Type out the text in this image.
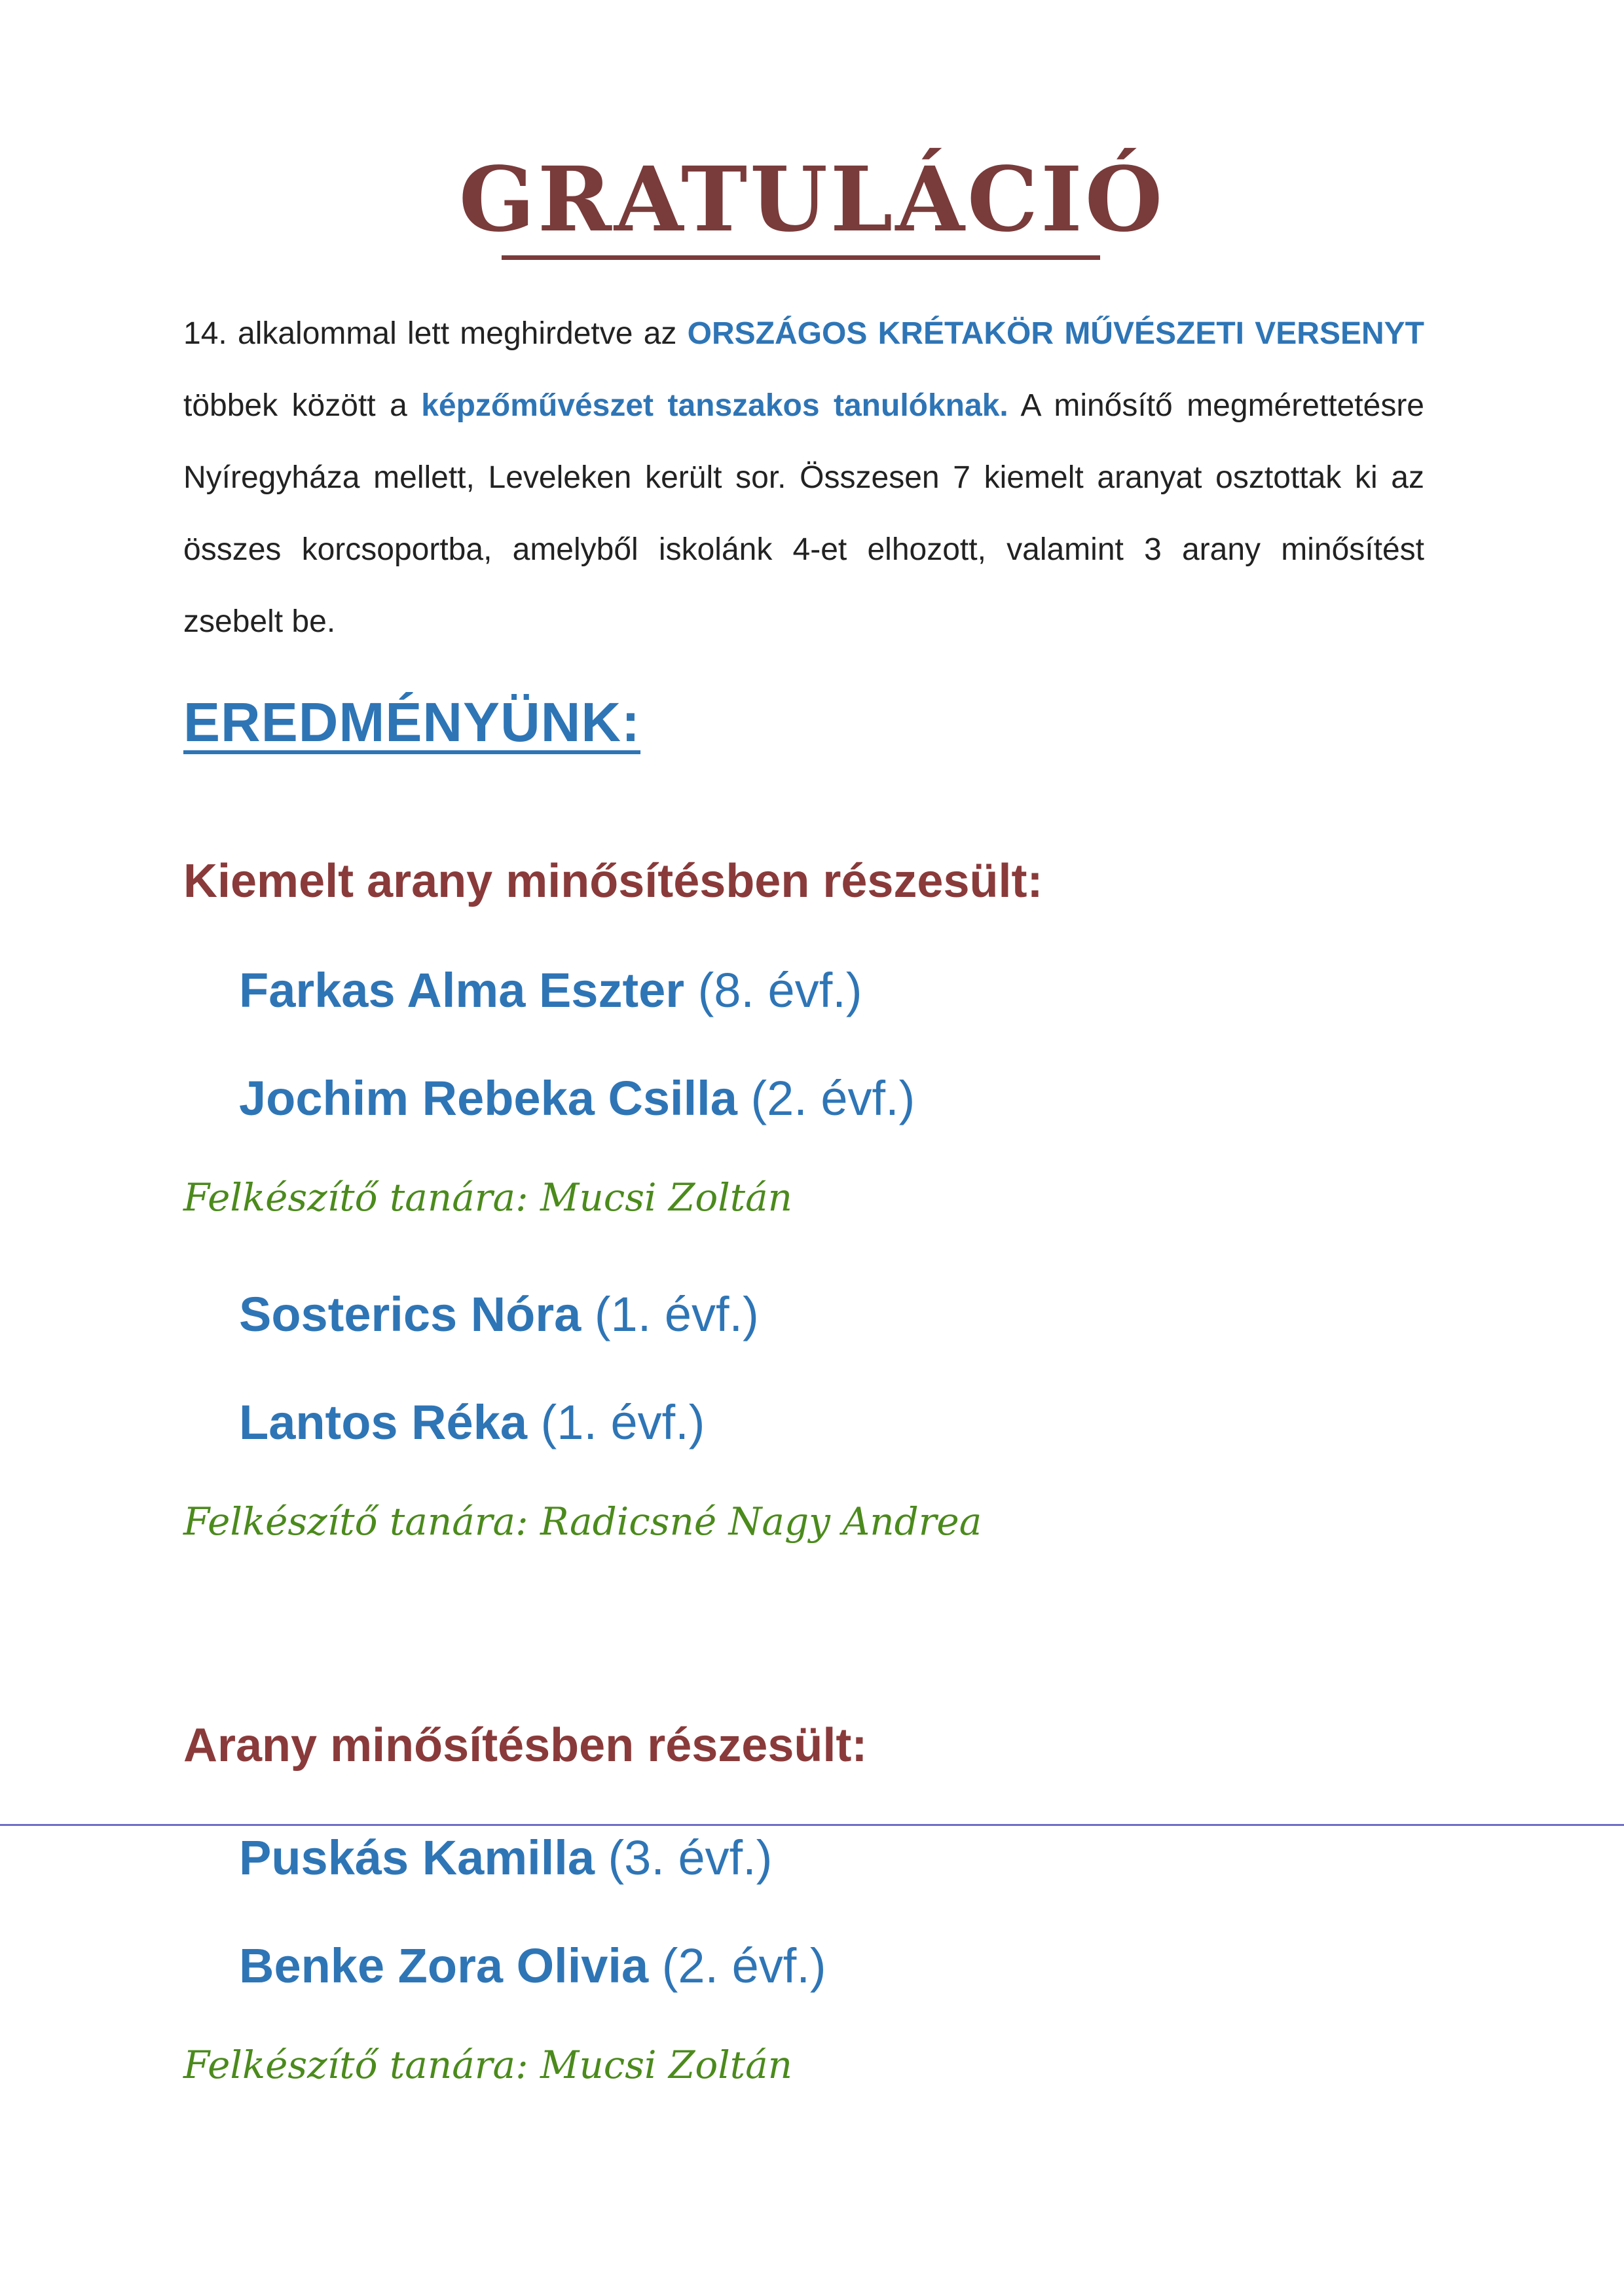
GRATULÁCIÓ
14. alkalommal lett meghirdetve az ORSZÁGOS KRÉTAKÖR MŰVÉSZETI VERSENYT többek között a képzőművészet tanszakos tanulóknak. A minősítő megmérettetésre Nyíregyháza mellett, Leveleken került sor. Összesen 7 kiemelt aranyat osztottak ki az összes korcsoportba, amelyből iskolánk 4-et elhozott, valamint 3 arany minősítést zsebelt be.
EREDMÉNYÜNK:
Kiemelt arany minősítésben részesült:
Farkas Alma Eszter (8. évf.)
Jochim Rebeka Csilla (2. évf.)
Felkészítő tanára: Mucsi Zoltán
Sosterics Nóra (1. évf.)
Lantos Réka (1. évf.)
Felkészítő tanára: Radicsné Nagy Andrea
Arany minősítésben részesült:
Puskás Kamilla (3. évf.)
Benke Zora Olivia (2. évf.)
Felkészítő tanára: Mucsi Zoltán
